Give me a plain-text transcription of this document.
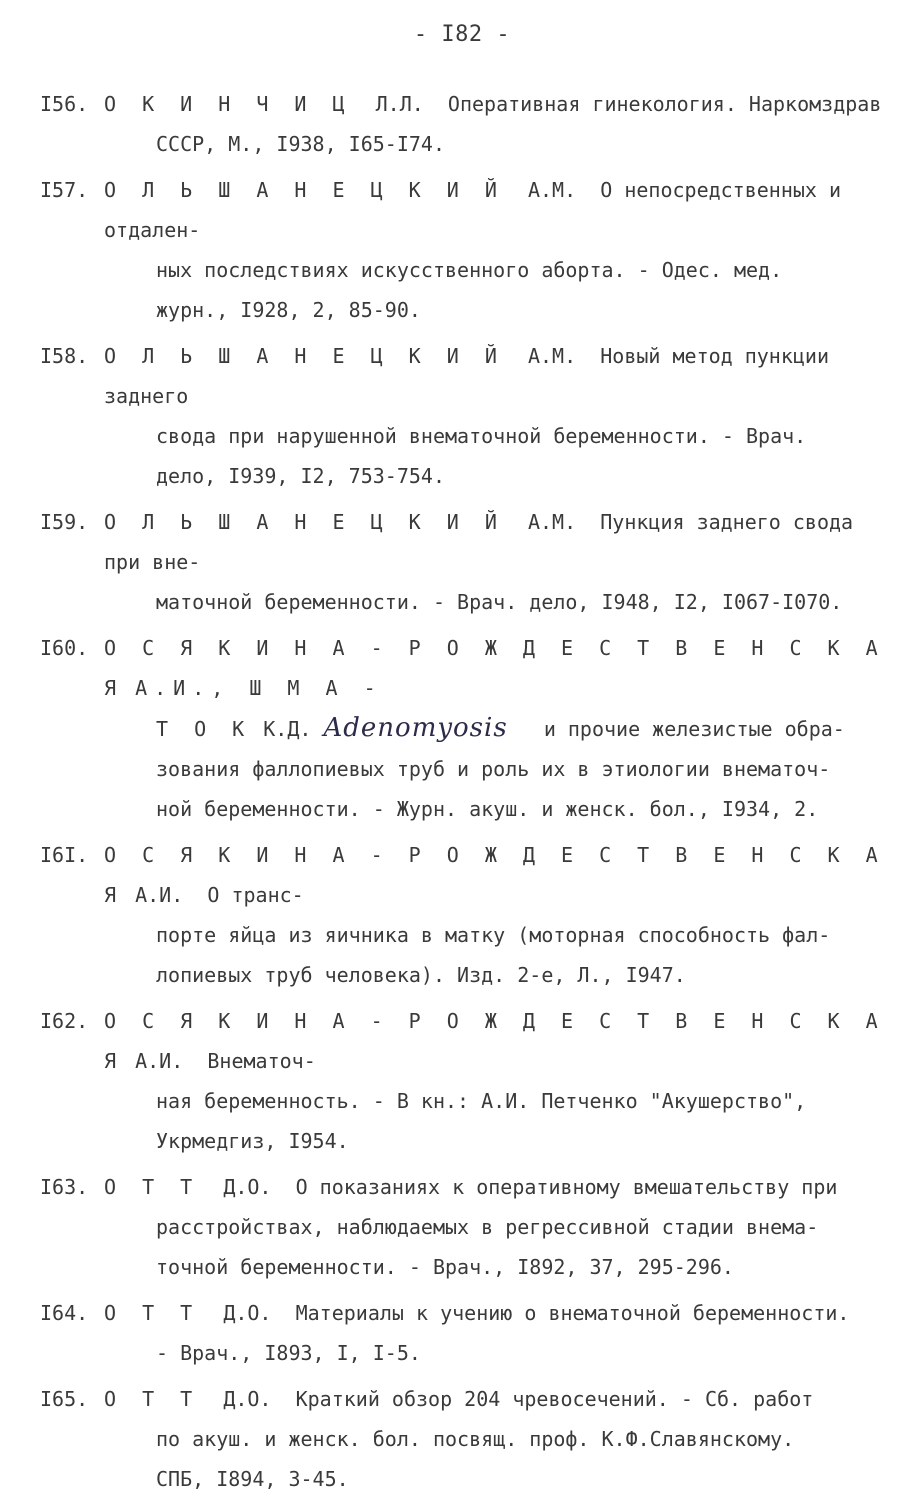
- I82 -
I56. О К И Н Ч И Ц Л.Л. Оперативная гинекология. Наркомздрав
СССР, М., I938, I65-I74.
I57. О Л Ь Ш А Н Е Ц К И Й А.М. О непосредственных и отдален-
ных последствиях искусственного аборта. - Одес. мед.
журн., I928, 2, 85-90.
I58. О Л Ь Ш А Н Е Ц К И Й А.М. Новый метод пункции заднего
свода при нарушенной внематочной беременности. - Врач.
дело, I939, I2, 753-754.
I59. О Л Ь Ш А Н Е Ц К И Й А.М. Пункция заднего свода при вне-
маточной беременности. - Врач. дело, I948, I2, I067-I070.
I60. О С Я К И Н А - Р О Ж Д Е С Т В Е Н С К А Я А.И., Ш М А -
Т О К К.Д. Adenomyosis и прочие железистые обра-
зования фаллопиевых труб и роль их в этиологии внематоч-
ной беременности. - Журн. акуш. и женск. бол., I934, 2.
I6I. О С Я К И Н А - Р О Ж Д Е С Т В Е Н С К А Я А.И. О транс-
порте яйца из яичника в матку (моторная способность фал-
лопиевых труб человека). Изд. 2-е, Л., I947.
I62. О С Я К И Н А - Р О Ж Д Е С Т В Е Н С К А Я А.И. Внематоч-
ная беременность. - В кн.: А.И. Петченко "Акушерство",
Укрмедгиз, I954.
I63. О Т Т Д.О. О показаниях к оперативному вмешательству при
расстройствах, наблюдаемых в регрессивной стадии внема-
точной беременности. - Врач., I892, 37, 295-296.
I64. О Т Т Д.О. Материалы к учению о внематочной беременности.
- Врач., I893, I, I-5.
I65. О Т Т Д.О. Краткий обзор 204 чревосечений. - Сб. работ
по акуш. и женск. бол. посвящ. проф. К.Ф.Славянскому.
СПБ, I894, 3-45.
